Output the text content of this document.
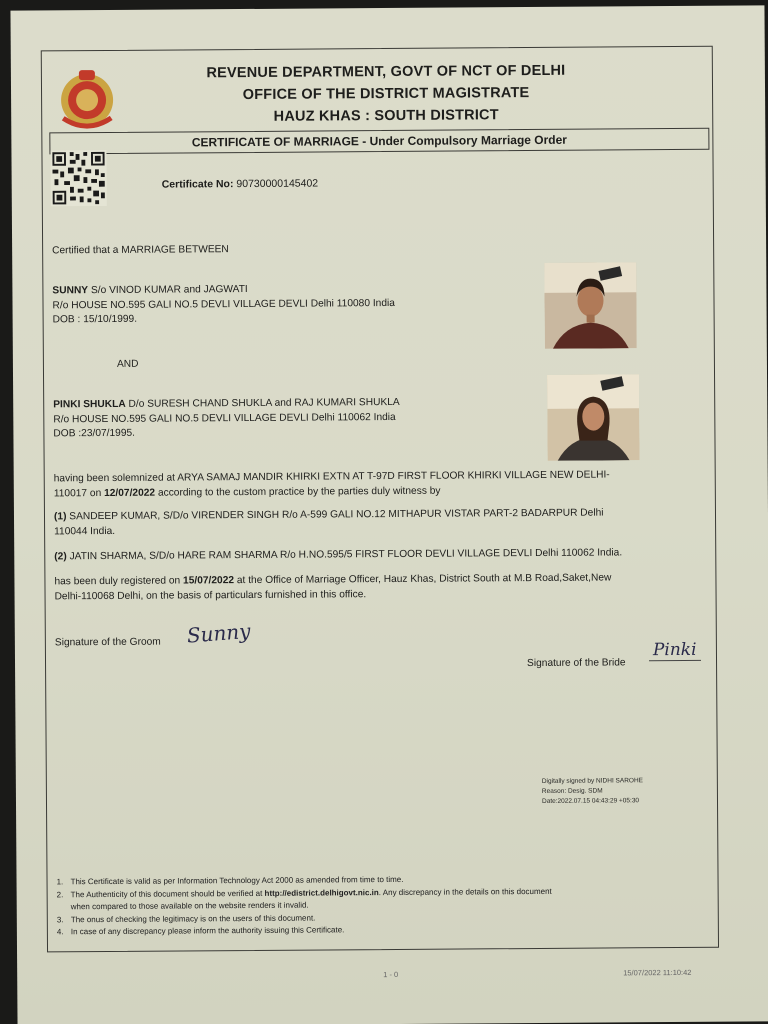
REVENUE DEPARTMENT, GOVT OF NCT OF DELHI
OFFICE OF THE DISTRICT MAGISTRATE
HAUZ KHAS : SOUTH DISTRICT
CERTIFICATE OF MARRIAGE - Under Compulsory Marriage Order
Certificate No: 90730000145402
Certified that a MARRIAGE BETWEEN
SUNNY S/o VINOD KUMAR and JAGWATI
R/o HOUSE NO.595 GALI NO.5 DEVLI VILLAGE DEVLI Delhi 110080 India
DOB : 15/10/1999.
AND
PINKI SHUKLA D/o SURESH CHAND SHUKLA and RAJ KUMARI SHUKLA
R/o HOUSE NO.595 GALI NO.5 DEVLI VILLAGE DEVLI Delhi 110062 India
DOB :23/07/1995.
having been solemnized at ARYA SAMAJ MANDIR KHIRKI EXTN AT T-97D FIRST FLOOR KHIRKI VILLAGE NEW DELHI-
110017 on 12/07/2022 according to the custom practice by the parties duly witness by
(1) SANDEEP KUMAR, S/D/o VIRENDER SINGH R/o A-599 GALI NO.12 MITHAPUR VISTAR PART-2 BADARPUR Delhi
110044 India.
(2) JATIN SHARMA, S/D/o HARE RAM SHARMA R/o H.NO.595/5 FIRST FLOOR DEVLI VILLAGE DEVLI Delhi 110062 India.
has been duly registered on 15/07/2022 at the Office of Marriage Officer, Hauz Khas, District South at M.B Road,Saket,New
Delhi-110068 Delhi, on the basis of particulars furnished in this office.
Signature of the Groom Sunny
Signature of the Bride
Pinki
Digitally signed by NIDHI SAROHE
Reason: Desig. SDM
Date:2022.07.15 04:43:29 +05:30
1. This Certificate is valid as per Information Technology Act 2000 as amended from time to time.
2. The Authenticity of this document should be verified at http://edistrict.delhigovt.nic.in. Any discrepancy in the details on this document
when compared to those available on the website renders it invalid.
3. The onus of checking the legitimacy is on the users of this document.
4. In case of any discrepancy please inform the authority issuing this Certificate.
1 - 0	15/07/2022 11:10:42
